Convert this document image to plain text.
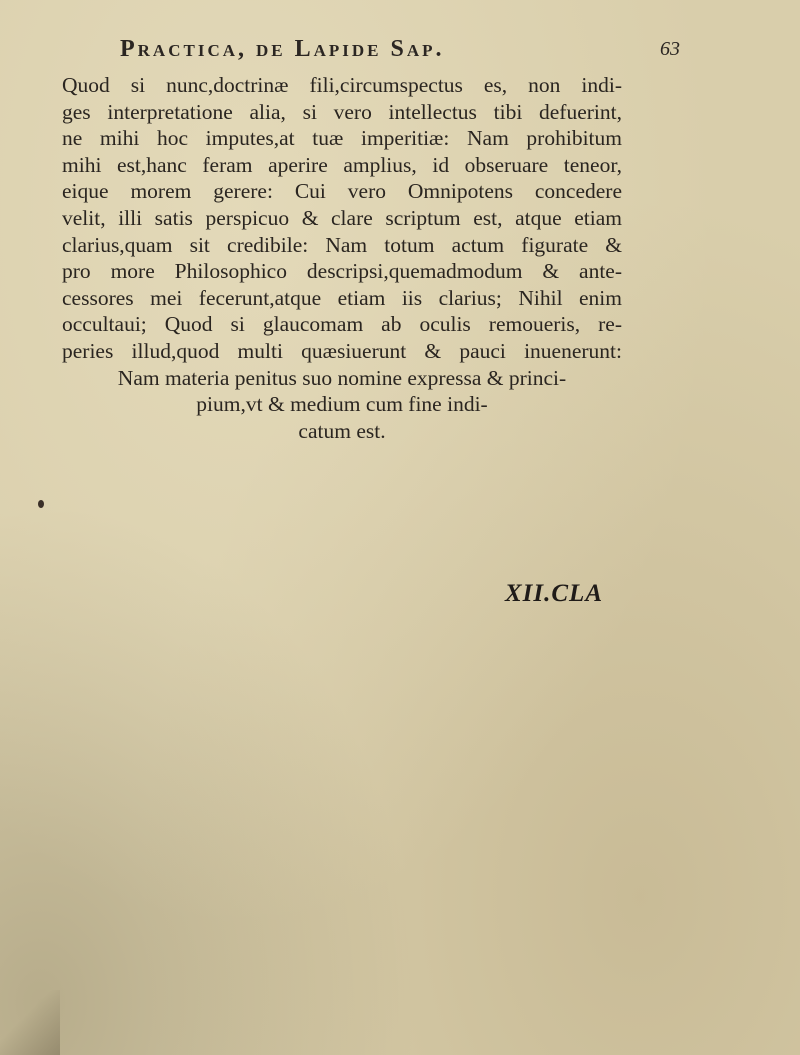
Practica, de Lapide Sap.	63
Quod si nunc,doctrinæ fili,circumspectus es, non indi-
ges interpretatione alia, si vero intellectus tibi defuerint,
ne mihi hoc imputes,at tuæ imperitiæ: Nam prohibitum
mihi est,hanc feram aperire amplius, id obseruare teneor,
eique morem gerere: Cui vero Omnipotens concedere
velit, illi satis perspicuo & clare scriptum est, atque etiam
clarius,quam sit credibile: Nam totum actum figurate &
pro more Philosophico descripsi,quemadmodum & ante-
cessores mei fecerunt,atque etiam iis clarius; Nihil enim
occultaui; Quod si glaucomam ab oculis remoueris, re-
peries illud,quod multi quæsiuerunt & pauci inuenerunt:
Nam materia penitus suo nomine expressa & princi-
pium,vt & medium cum fine indi-
catum est.
XII.CLA
